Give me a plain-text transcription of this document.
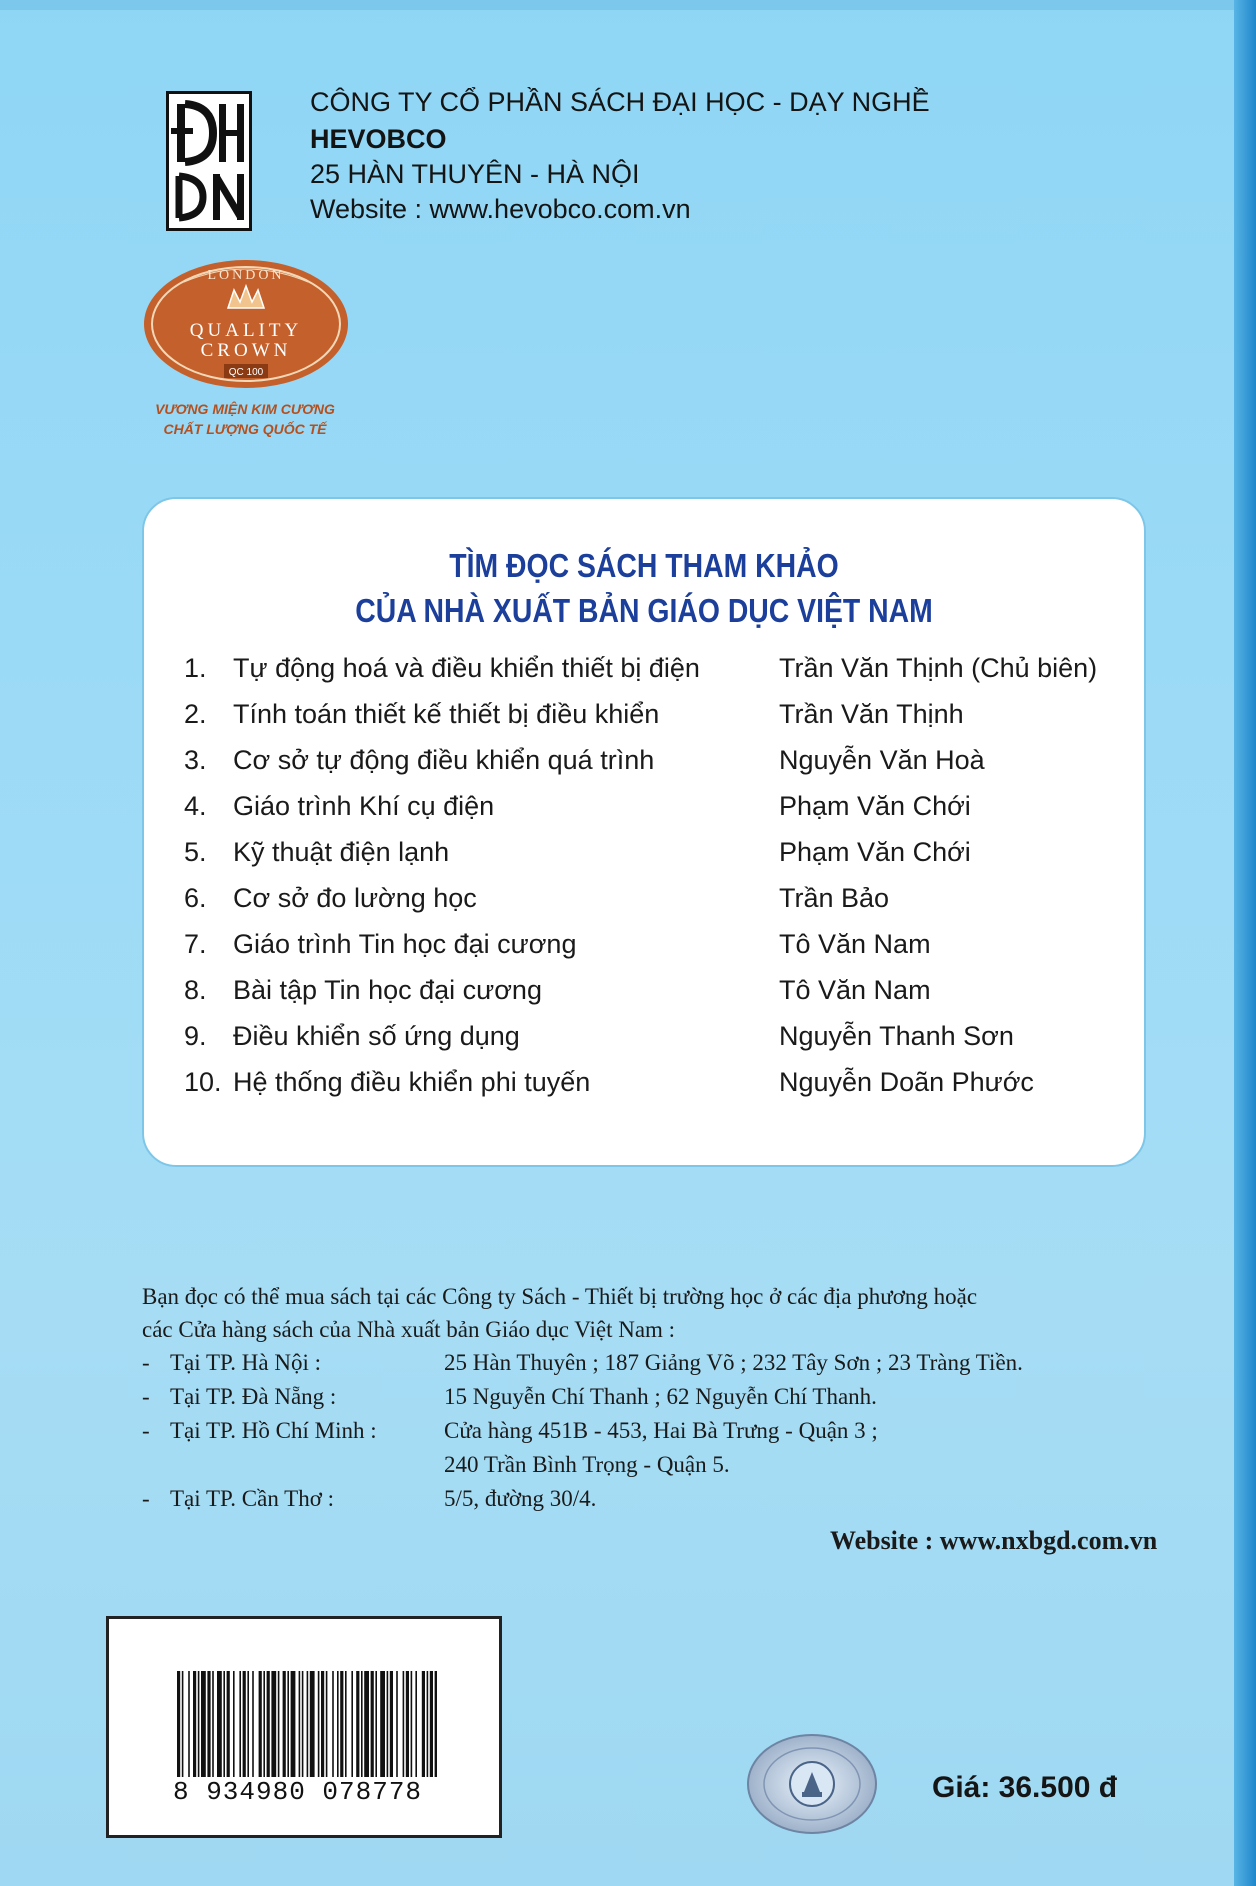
CÔNG TY CỔ PHẦN SÁCH ĐẠI HỌC - DẠY NGHỀ
HEVOBCO
25 HÀN THUYÊN - HÀ NỘI
Website : www.hevobco.com.vn
LONDON
QUALITY
CROWN
QC 100
VƯƠNG MIỆN KIM CƯƠNG
CHẤT LƯỢNG QUỐC TẾ
TÌM ĐỌC SÁCH THAM KHẢO
CỦA NHÀ XUẤT BẢN GIÁO DỤC VIỆT NAM
1. Tự động hoá và điều khiển thiết bị điện	Trần Văn Thịnh (Chủ biên)
2. Tính toán thiết kế thiết bị điều khiển	Trần Văn Thịnh
3. Cơ sở tự động điều khiển quá trình	Nguyễn Văn Hoà
4. Giáo trình Khí cụ điện	Phạm Văn Chới
5. Kỹ thuật điện lạnh	Phạm Văn Chới
6. Cơ sở đo lường học	Trần Bảo
7. Giáo trình Tin học đại cương	Tô Văn Nam
8. Bài tập Tin học đại cương	Tô Văn Nam
9. Điều khiển số ứng dụng	Nguyễn Thanh Sơn
10. Hệ thống điều khiển phi tuyến	Nguyễn Doãn Phước
Bạn đọc có thể mua sách tại các Công ty Sách - Thiết bị trường học ở các địa phương hoặc
các Cửa hàng sách của Nhà xuất bản Giáo dục Việt Nam :
- Tại TP. Hà Nội :	25 Hàn Thuyên ; 187 Giảng Võ ; 232 Tây Sơn ; 23 Tràng Tiền.
- Tại TP. Đà Nẵng :	15 Nguyễn Chí Thanh ; 62 Nguyễn Chí Thanh.
- Tại TP. Hồ Chí Minh :	Cửa hàng 451B - 453, Hai Bà Trưng - Quận 3 ;
240 Trần Bình Trọng - Quận 5.
- Tại TP. Cần Thơ :	5/5, đường 30/4.
Website : www.nxbgd.com.vn
8 934980 078778	Giá: 36.500 đ
